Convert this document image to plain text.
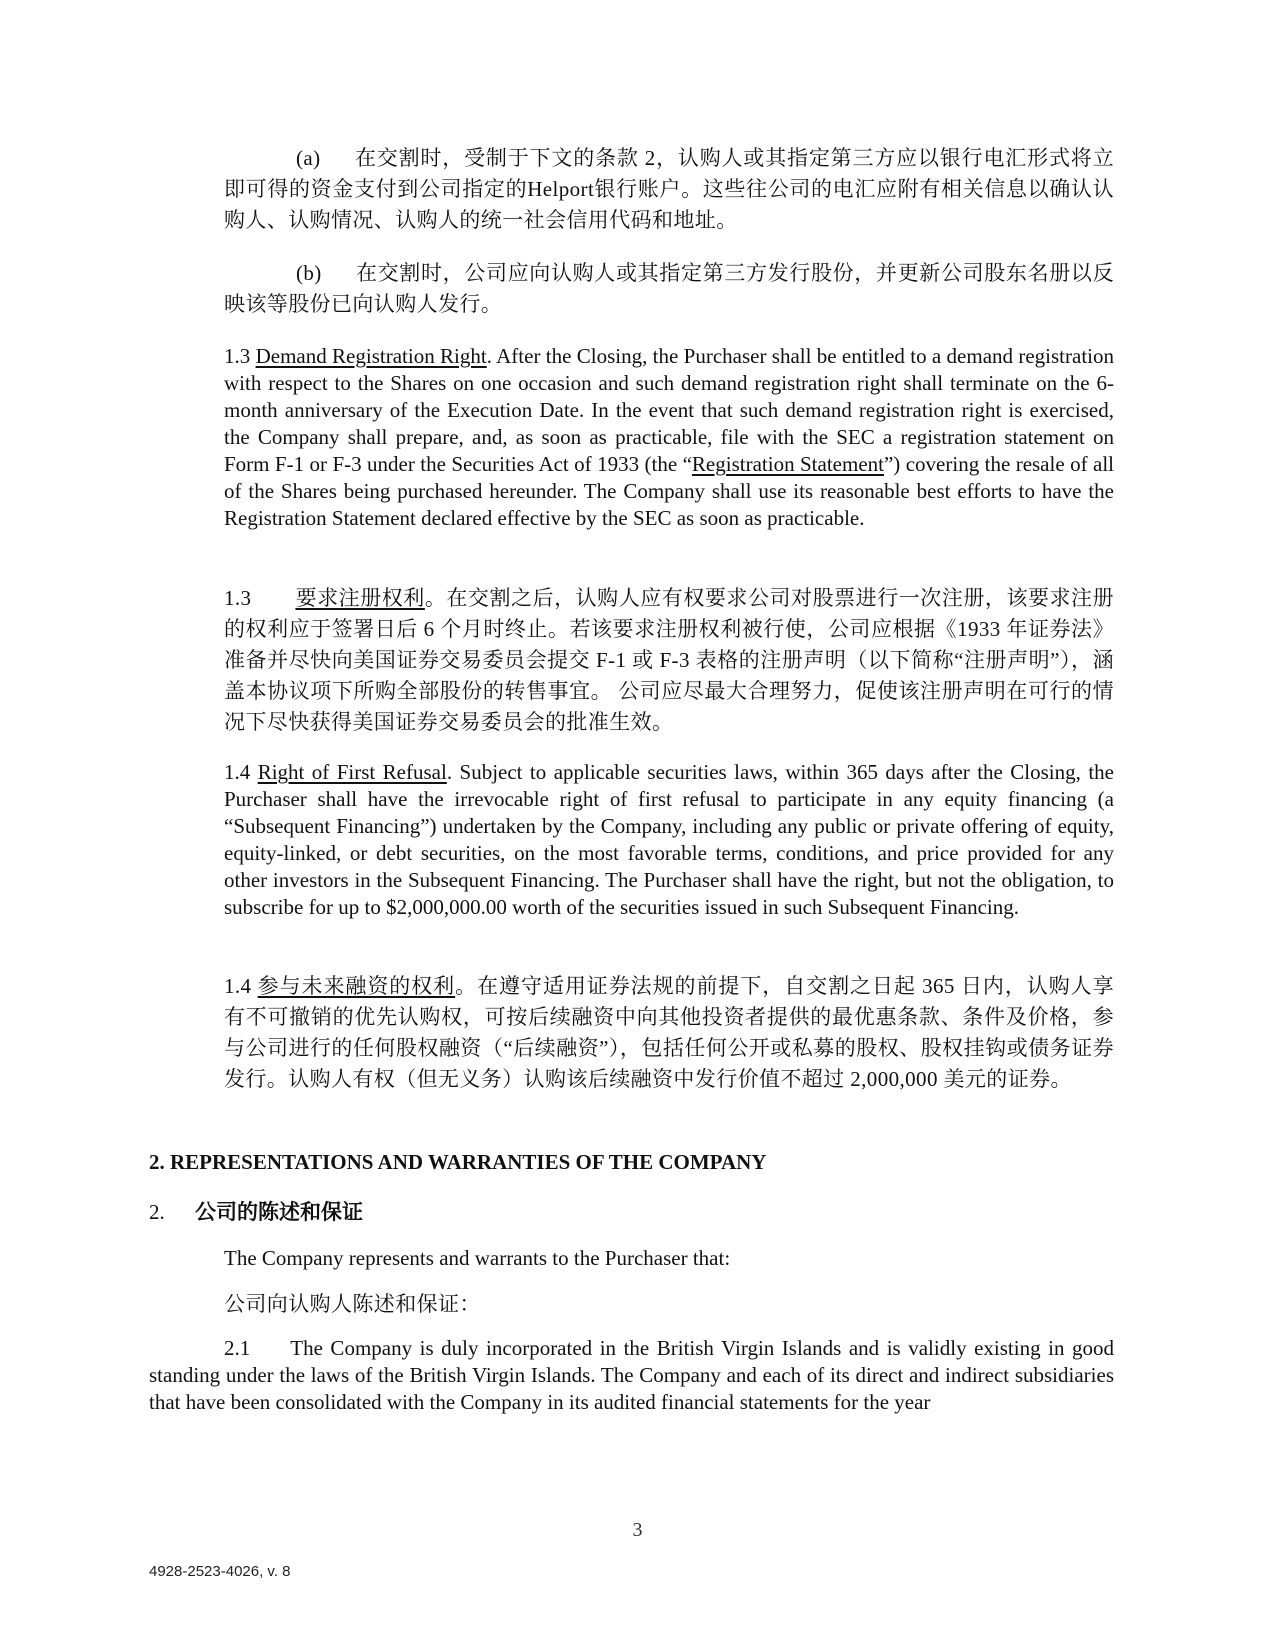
(a) 在交割时，受制于下文的条款 2，认购人或其指定第三方应以银行电汇形式将立即可得的资金支付到公司指定的Helport银行账户。这些往公司的电汇应附有相关信息以确认认购人、认购情况、认购人的统一社会信用代码和地址。

(b) 在交割时，公司应向认购人或其指定第三方发行股份，并更新公司股东名册以反映该等股份已向认购人发行。

1.3 Demand Registration Right. After the Closing, the Purchaser shall be entitled to a demand registration with respect to the Shares on one occasion and such demand registration right shall terminate on the 6-month anniversary of the Execution Date. In the event that such demand registration right is exercised, the Company shall prepare, and, as soon as practicable, file with the SEC a registration statement on Form F-1 or F-3 under the Securities Act of 1933 (the “Registration Statement”) covering the resale of all of the Shares being purchased hereunder. The Company shall use its reasonable best efforts to have the Registration Statement declared effective by the SEC as soon as practicable.

1.3 要求注册权利。在交割之后，认购人应有权要求公司对股票进行一次注册，该要求注册的权利应于签署日后 6 个月时终止。若该要求注册权利被行使，公司应根据《1933 年证券法》准备并尽快向美国证券交易委员会提交 F-1 或 F-3 表格的注册声明（以下简称“注册声明”），涵盖本协议项下所购全部股份的转售事宜。 公司应尽最大合理努力，促使该注册声明在可行的情况下尽快获得美国证券交易委员会的批准生效。

1.4 Right of First Refusal. Subject to applicable securities laws, within 365 days after the Closing, the Purchaser shall have the irrevocable right of first refusal to participate in any equity financing (a “Subsequent Financing”) undertaken by the Company, including any public or private offering of equity, equity-linked, or debt securities, on the most favorable terms, conditions, and price provided for any other investors in the Subsequent Financing. The Purchaser shall have the right, but not the obligation, to subscribe for up to $2,000,000.00 worth of the securities issued in such Subsequent Financing.

1.4 参与未来融资的权利。在遵守适用证券法规的前提下，自交割之日起 365 日内，认购人享有不可撤销的优先认购权，可按后续融资中向其他投资者提供的最优惠条款、条件及价格，参与公司进行的任何股权融资（“后续融资”），包括任何公开或私募的股权、股权挂钩或债务证券发行。认购人有权（但无义务）认购该后续融资中发行价值不超过 2,000,000 美元的证券。

2. REPRESENTATIONS AND WARRANTIES OF THE COMPANY

2. 公司的陈述和保证

The Company represents and warrants to the Purchaser that:

公司向认购人陈述和保证：

2.1 The Company is duly incorporated in the British Virgin Islands and is validly existing in good standing under the laws of the British Virgin Islands. The Company and each of its direct and indirect subsidiaries that have been consolidated with the Company in its audited financial statements for the year

3
4928-2523-4026, v. 8
